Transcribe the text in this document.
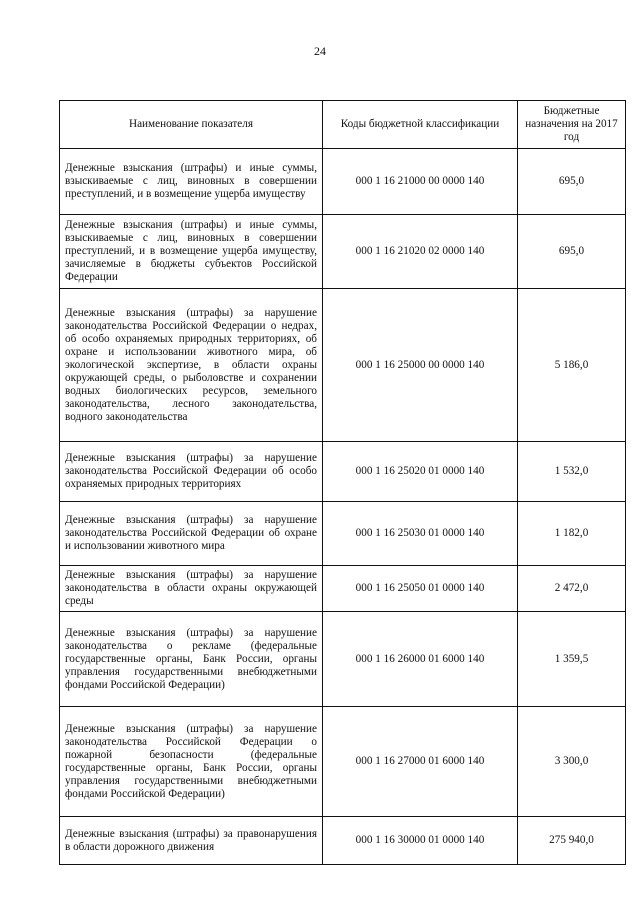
24
Наименование показателя	Коды бюджетной классификации	Бюджетные назначения на 2017 год
Денежные взыскания (штрафы) и иные суммы, взыскиваемые с лиц, виновных в совершении преступлений, и в возмещение ущерба имуществу	000 1 16 21000 00 0000 140	695,0
Денежные взыскания (штрафы) и иные суммы, взыскиваемые с лиц, виновных в совершении преступлений, и в возмещение ущерба имуществу, зачисляемые в бюджеты субъектов Российской Федерации	000 1 16 21020 02 0000 140	695,0
Денежные взыскания (штрафы) за нарушение законодательства Российской Федерации о недрах, об особо охраняемых природных территориях, об охране и использовании животного мира, об экологической экспертизе, в области охраны окружающей среды, о рыболовстве и сохранении водных биологических ресурсов, земельного законодательства, лесного законодательства, водного законодательства	000 1 16 25000 00 0000 140	5 186,0
Денежные взыскания (штрафы) за нарушение законодательства Российской Федерации об особо охраняемых природных территориях	000 1 16 25020 01 0000 140	1 532,0
Денежные взыскания (штрафы) за нарушение законодательства Российской Федерации об охране и использовании животного мира	000 1 16 25030 01 0000 140	1 182,0
Денежные взыскания (штрафы) за нарушение законодательства в области охраны окружающей среды	000 1 16 25050 01 0000 140	2 472,0
Денежные взыскания (штрафы) за нарушение законодательства о рекламе (федеральные государственные органы, Банк России, органы управления государственными внебюджетными фондами Российской Федерации)	000 1 16 26000 01 6000 140	1 359,5
Денежные взыскания (штрафы) за нарушение законодательства Российской Федерации о пожарной безопасности (федеральные государственные органы, Банк России, органы управления государственными внебюджетными фондами Российской Федерации)	000 1 16 27000 01 6000 140	3 300,0
Денежные взыскания (штрафы) за правонарушения в области дорожного движения	000 1 16 30000 01 0000 140	275 940,0
